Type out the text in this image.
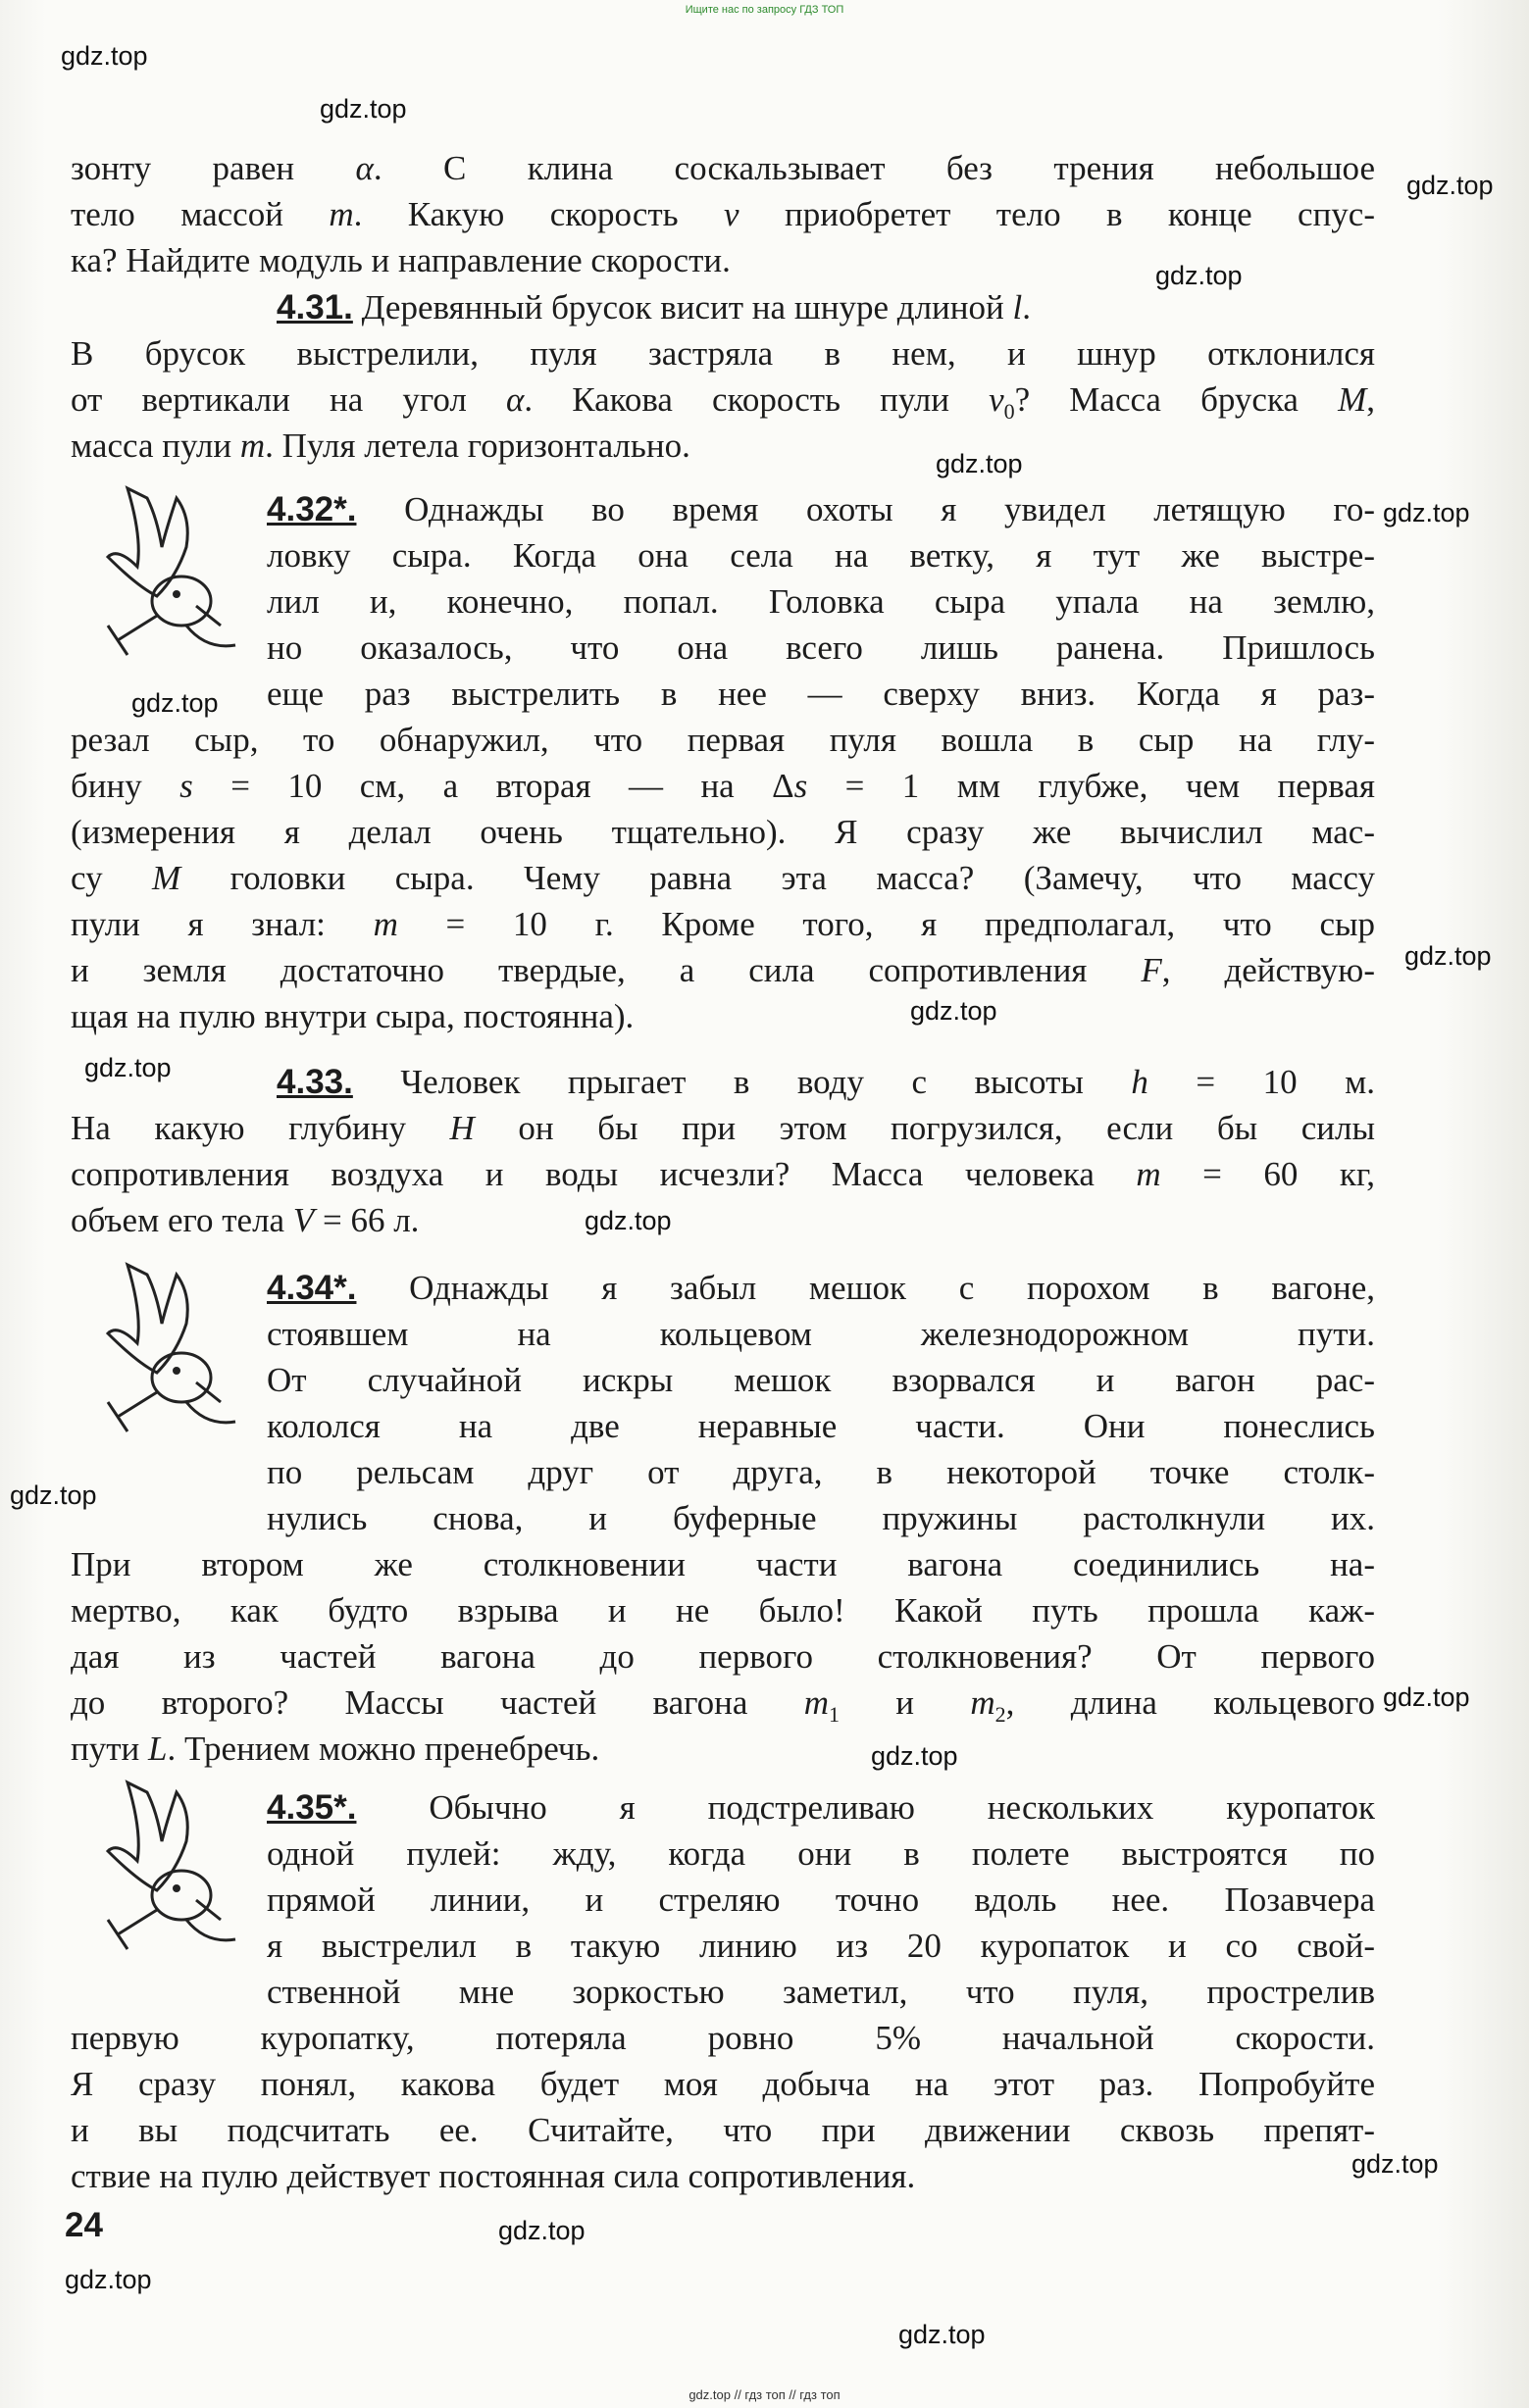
Ищите нас по запросу ГДЗ ТОП
gdz.top
gdz.top
gdz.top
gdz.top
gdz.top
gdz.top
gdz.top
gdz.top
gdz.top
gdz.top
gdz.top
gdz.top
gdz.top
gdz.top
gdz.top
gdz.top
gdz.top
gdz.top
зонту равен α. С клина соскальзывает без трения небольшое
тело массой m. Какую скорость v приобретет тело в конце спус-
ка? Найдите модуль и направление скорости.
4.31. Деревянный брусок висит на шнуре длиной l.
В брусок выстрелили, пуля застряла в нем, и шнур отклонился
от вертикали на угол α. Какова скорость пули $v_0$? Масса бруска M,
масса пули m. Пуля летела горизонтально.
4.32*. Однажды во время охоты я увидел летящую го-
ловку сыра. Когда она села на ветку, я тут же выстре-
лил и, конечно, попал. Головка сыра упала на землю,
но оказалось, что она всего лишь ранена. Пришлось
еще раз выстрелить в нее — сверху вниз. Когда я раз-
резал сыр, то обнаружил, что первая пуля вошла в сыр на глу-
бину s = 10 см, а вторая — на Δs = 1 мм глубже, чем первая
(измерения я делал очень тщательно). Я сразу же вычислил мас-
су M головки сыра. Чему равна эта масса? (Замечу, что массу
пули я знал: m = 10 г. Кроме того, я предполагал, что сыр
и земля достаточно твердые, а сила сопротивления F, действую-
щая на пулю внутри сыра, постоянна).
4.33. Человек прыгает в воду с высоты h = 10 м.
На какую глубину H он бы при этом погрузился, если бы силы
сопротивления воздуха и воды исчезли? Масса человека m = 60 кг,
объем его тела V = 66 л.
4.34*. Однажды я забыл мешок с порохом в вагоне,
стоявшем на кольцевом железнодорожном пути.
От случайной искры мешок взорвался и вагон рас-
кололся на две неравные части. Они понеслись
по рельсам друг от друга, в некоторой точке столк-
нулись снова, и буферные пружины растолкнули их.
При втором же столкновении части вагона соединились на-
мертво, как будто взрыва и не было! Какой путь прошла каж-
дая из частей вагона до первого столкновения? От первого
до второго? Массы частей вагона $m_1$ и $m_2$, длина кольцевого
пути L. Трением можно пренебречь.
4.35*. Обычно я подстреливаю нескольких куропаток
одной пулей: жду, когда они в полете выстроятся по
прямой линии, и стреляю точно вдоль нее. Позавчера
я выстрелил в такую линию из 20 куропаток и со свой-
ственной мне зоркостью заметил, что пуля, прострелив
первую куропатку, потеряла ровно 5% начальной скорости.
Я сразу понял, какова будет моя добыча на этот раз. Попробуйте
и вы подсчитать ее. Считайте, что при движении сквозь препят-
ствие на пулю действует постоянная сила сопротивления.
24
gdz.top // гдз топ // гдз топ
